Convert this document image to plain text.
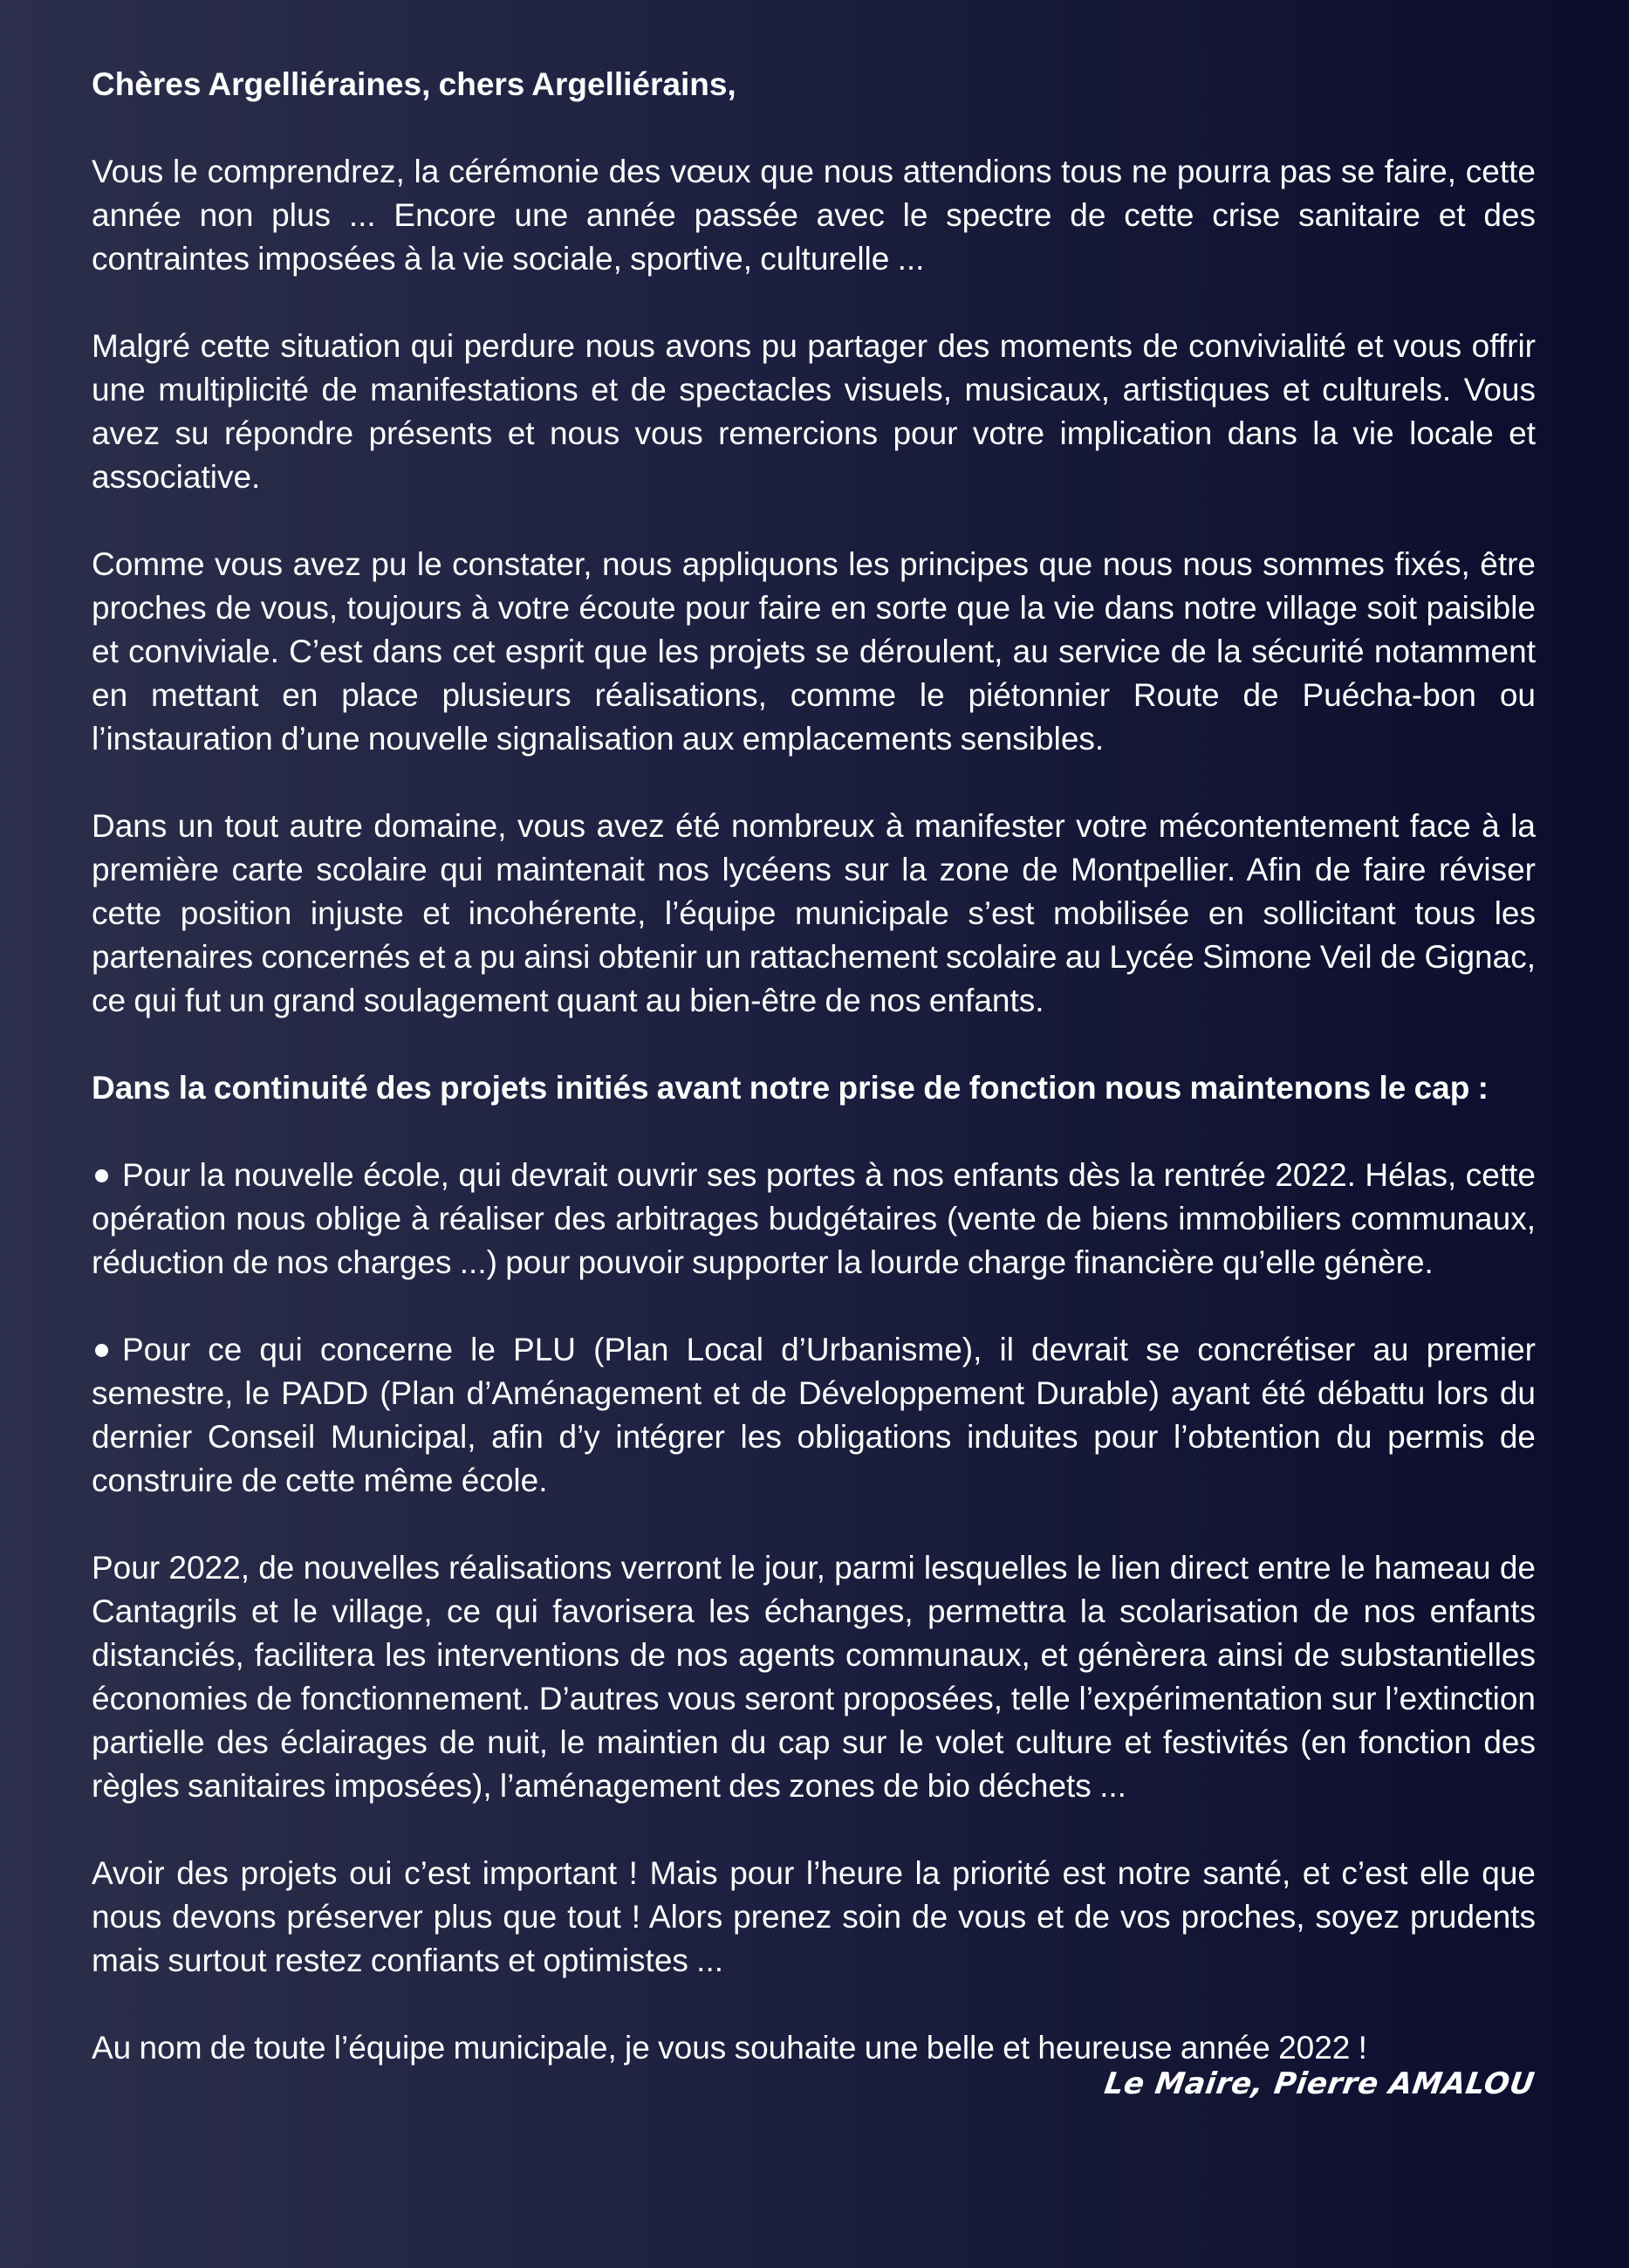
Chères Argelliéraines, chers Argelliérains,

Vous le comprendrez, la cérémonie des vœux que nous attendions tous ne pourra pas se faire, cette année non plus ... Encore une année passée avec le spectre de cette crise sanitaire et des contraintes imposées à la vie sociale, sportive, culturelle ...

Malgré cette situation qui perdure nous avons pu partager des moments de convivialité et vous offrir une multiplicité de manifestations et de spectacles visuels, musicaux, artistiques et culturels. Vous avez su répondre présents et nous vous remercions pour votre implication dans la vie locale et associative.

Comme vous avez pu le constater, nous appliquons les principes que nous nous sommes fixés, être proches de vous, toujours à votre écoute pour faire en sorte que la vie dans notre village soit paisible et conviviale. C’est dans cet esprit que les projets se déroulent, au service de la sécurité notamment en mettant en place plusieurs réalisations, comme le piétonnier Route de Puécha-bon ou l’instauration d’une nouvelle signalisation aux emplacements sensibles.

Dans un tout autre domaine, vous avez été nombreux à manifester votre mécontentement face à la première carte scolaire qui maintenait nos lycéens sur la zone de Montpellier. Afin de faire réviser cette position injuste et incohérente, l’équipe municipale s’est mobilisée en sollicitant tous les partenaires concernés et a pu ainsi obtenir un rattachement scolaire au Lycée Simone Veil de Gignac, ce qui fut un grand soulagement quant au bien-être de nos enfants.

Dans la continuité des projets initiés avant notre prise de fonction nous maintenons le cap :

Pour la nouvelle école, qui devrait ouvrir ses portes à nos enfants dès la rentrée 2022. Hélas, cette opération nous oblige à réaliser des arbitrages budgétaires (vente de biens immobiliers communaux, réduction de nos charges ...) pour pouvoir supporter la lourde charge financière qu’elle génère.

Pour ce qui concerne le PLU (Plan Local d’Urbanisme), il devrait se concrétiser au premier semestre, le PADD (Plan d’Aménagement et de Développement Durable) ayant été débattu lors du dernier Conseil Municipal, afin d’y intégrer les obligations induites pour l’obtention du permis de construire de cette même école.

Pour 2022, de nouvelles réalisations verront le jour, parmi lesquelles le lien direct entre le hameau de Cantagrils et le village, ce qui favorisera les échanges, permettra la scolarisation de nos enfants distanciés, facilitera les interventions de nos agents communaux, et génèrera ainsi de substantielles économies de fonctionnement. D’autres vous seront proposées, telle l’expérimentation sur l’extinction partielle des éclairages de nuit, le maintien du cap sur le volet culture et festivités (en fonction des règles sanitaires imposées), l’aménagement des zones de bio déchets ...

Avoir des projets oui c’est important ! Mais pour l’heure la priorité est notre santé, et c’est elle que nous devons préserver plus que tout ! Alors prenez soin de vous et de vos proches, soyez prudents mais surtout restez confiants et optimistes ...

Au nom de toute l’équipe municipale, je vous souhaite une belle et heureuse année 2022 !

Le Maire, Pierre AMALOU
